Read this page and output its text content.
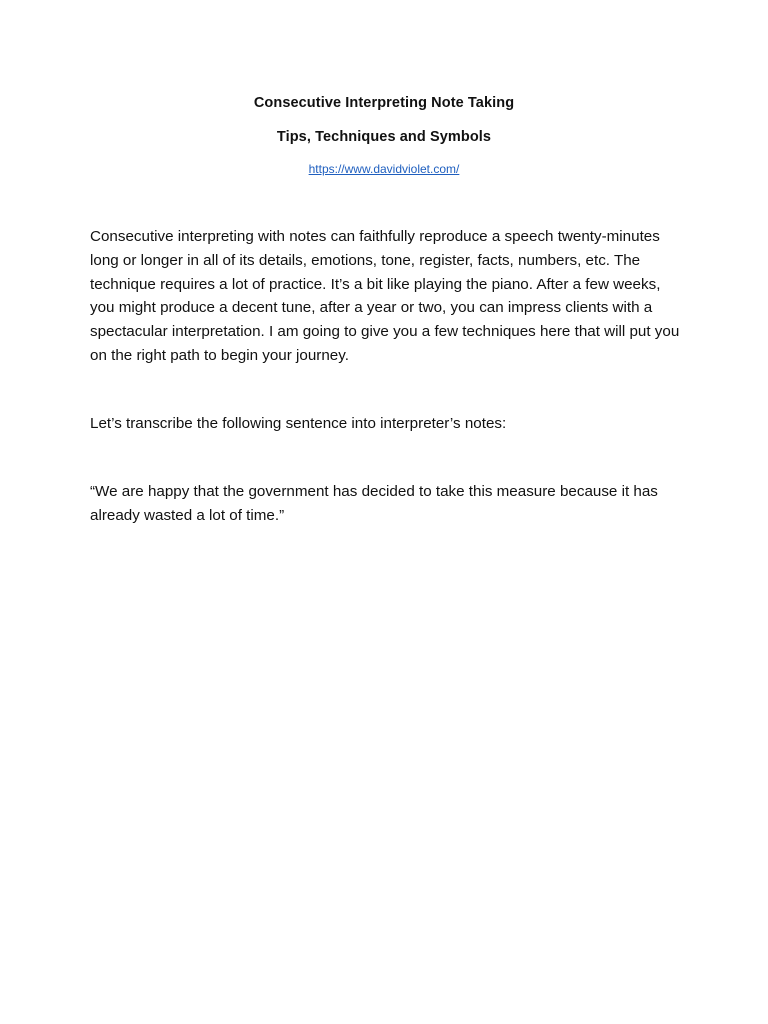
Consecutive Interpreting Note Taking
Tips, Techniques and Symbols
https://www.davidviolet.com/

Consecutive interpreting with notes can faithfully reproduce a speech twenty-minutes long or longer in all of its details, emotions, tone, register, facts, numbers, etc. The technique requires a lot of practice. It’s a bit like playing the piano. After a few weeks, you might produce a decent tune, after a year or two, you can impress clients with a spectacular interpretation. I am going to give you a few techniques here that will put you on the right path to begin your journey.

Let’s transcribe the following sentence into interpreter’s notes:

“We are happy that the government has decided to take this measure because it has already wasted a lot of time.”
